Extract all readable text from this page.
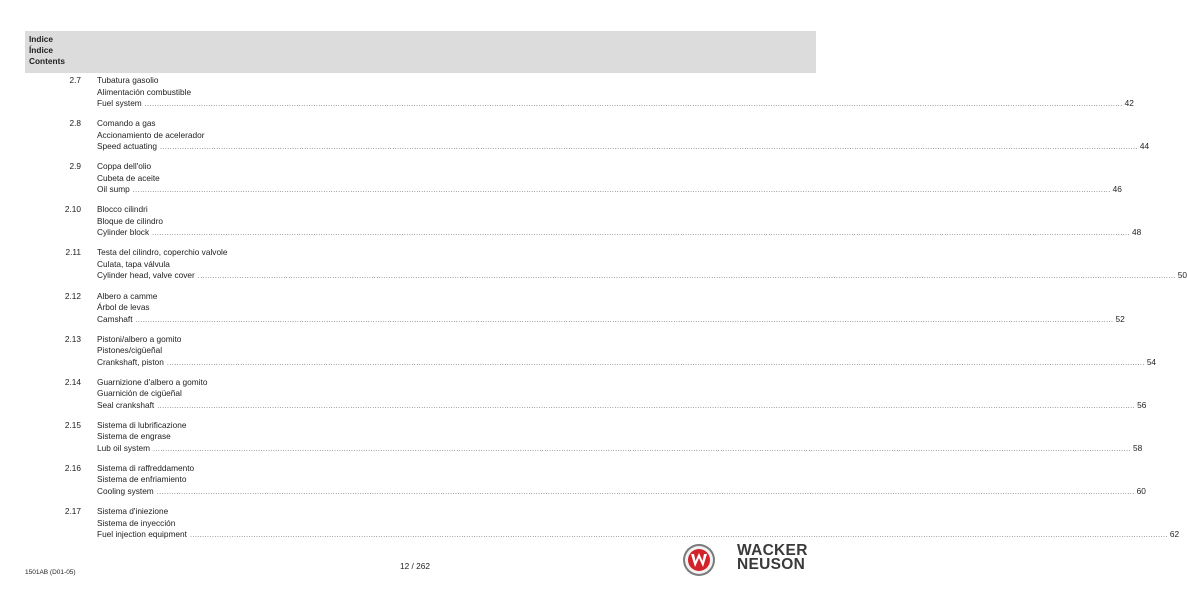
Indice
Índice
Contents
2.7 Tubatura gasolio
Alimentación combustible
Fuel system ................................................................................................................................................................................................................................................................................................................................................................................................................ 42
2.8 Comando a gas
Accionamiento de acelerador
Speed actuating ................................................................................................................................................................................................................................................................................................................................................................................................................ 44
2.9 Coppa dell'olio
Cubeta de aceite
Oil sump ................................................................................................................................................................................................................................................................................................................................................................................................................ 46
2.10 Blocco cilindri
Bloque de cilindro
Cylinder block ................................................................................................................................................................................................................................................................................................................................................................................................................ 48
2.11 Testa del cilindro, coperchio valvole
Culata, tapa válvula
Cylinder head, valve cover ................................................................................................................................................................................................................................................................................................................................................................................................................ 50
2.12 Albero a camme
Árbol de levas
Camshaft ................................................................................................................................................................................................................................................................................................................................................................................................................ 52
2.13 Pistoni/albero a gomito
Pistones/cigüeñal
Crankshaft, piston ................................................................................................................................................................................................................................................................................................................................................................................................................ 54
2.14 Guarnizione d'albero a gomito
Guarnición de cigüeñal
Seal crankshaft ................................................................................................................................................................................................................................................................................................................................................................................................................ 56
2.15 Sistema di lubrificazione
Sistema de engrase
Lub oil system ................................................................................................................................................................................................................................................................................................................................................................................................................ 58
2.16 Sistema di raffreddamento
Sistema de enfriamiento
Cooling system ................................................................................................................................................................................................................................................................................................................................................................................................................ 60
2.17 Sistema d'iniezione
Sistema de inyección
Fuel injection equipment ................................................................................................................................................................................................................................................................................................................................................................................................................ 62
1501AB (D01-05)
12 / 262
WACKER
NEUSON
